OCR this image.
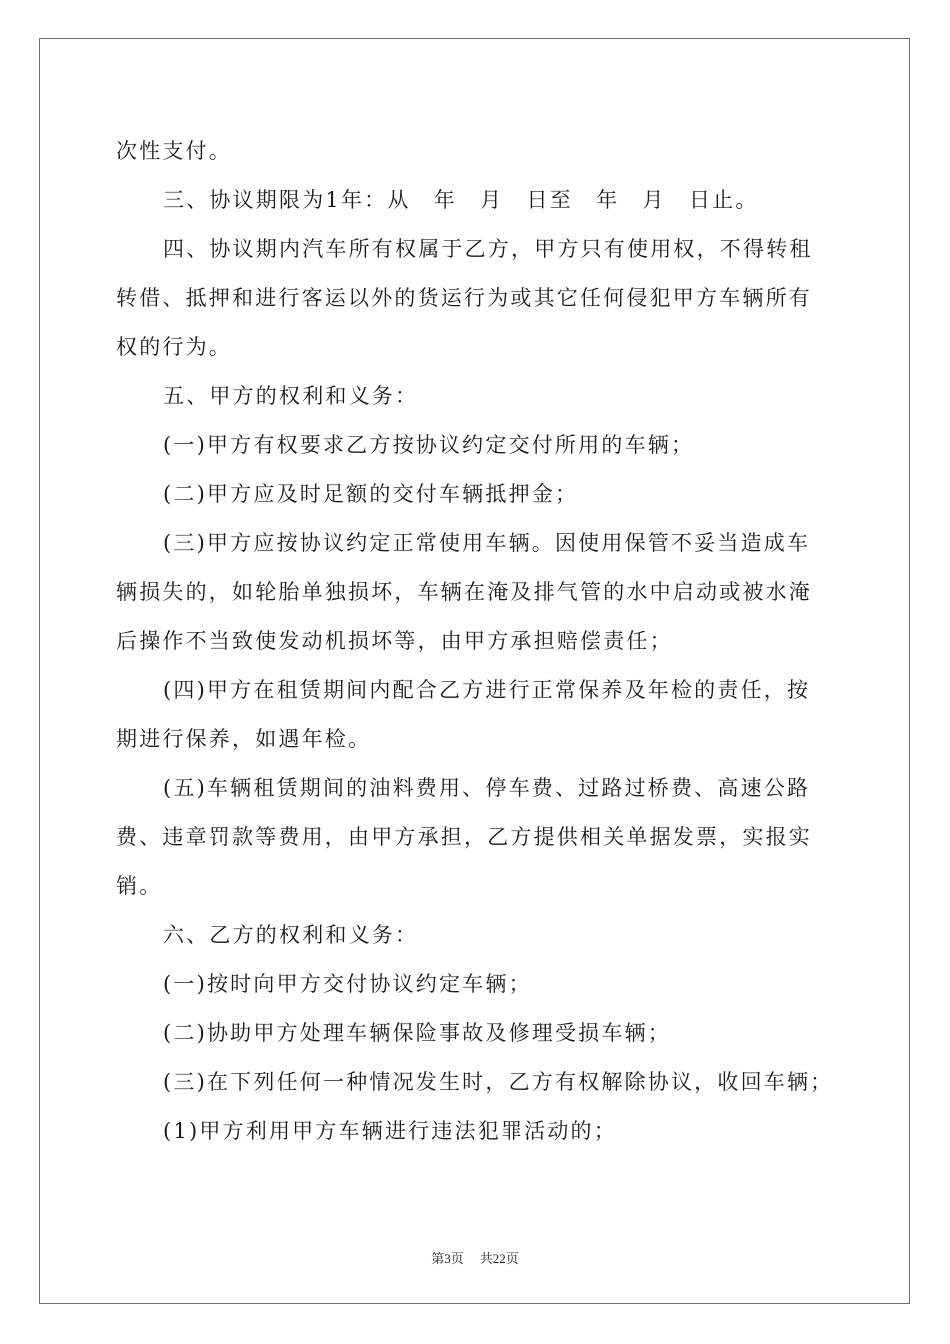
次性支付。
三、协议期限为1年：从　年　月　日至　年　月　日止。
四、协议期内汽车所有权属于乙方，甲方只有使用权，不得转租
转借、抵押和进行客运以外的货运行为或其它任何侵犯甲方车辆所有
权的行为。
五、甲方的权利和义务：
(一)甲方有权要求乙方按协议约定交付所用的车辆；
(二)甲方应及时足额的交付车辆抵押金；
(三)甲方应按协议约定正常使用车辆。因使用保管不妥当造成车
辆损失的，如轮胎单独损坏，车辆在淹及排气管的水中启动或被水淹
后操作不当致使发动机损坏等，由甲方承担赔偿责任；
(四)甲方在租赁期间内配合乙方进行正常保养及年检的责任，按
期进行保养，如遇年检。
(五)车辆租赁期间的油料费用、停车费、过路过桥费、高速公路
费、违章罚款等费用，由甲方承担，乙方提供相关单据发票，实报实
销。
六、乙方的权利和义务：
(一)按时向甲方交付协议约定车辆；
(二)协助甲方处理车辆保险事故及修理受损车辆；
(三)在下列任何一种情况发生时，乙方有权解除协议，收回车辆；
(1)甲方利用甲方车辆进行违法犯罪活动的；
第3页 共22页
